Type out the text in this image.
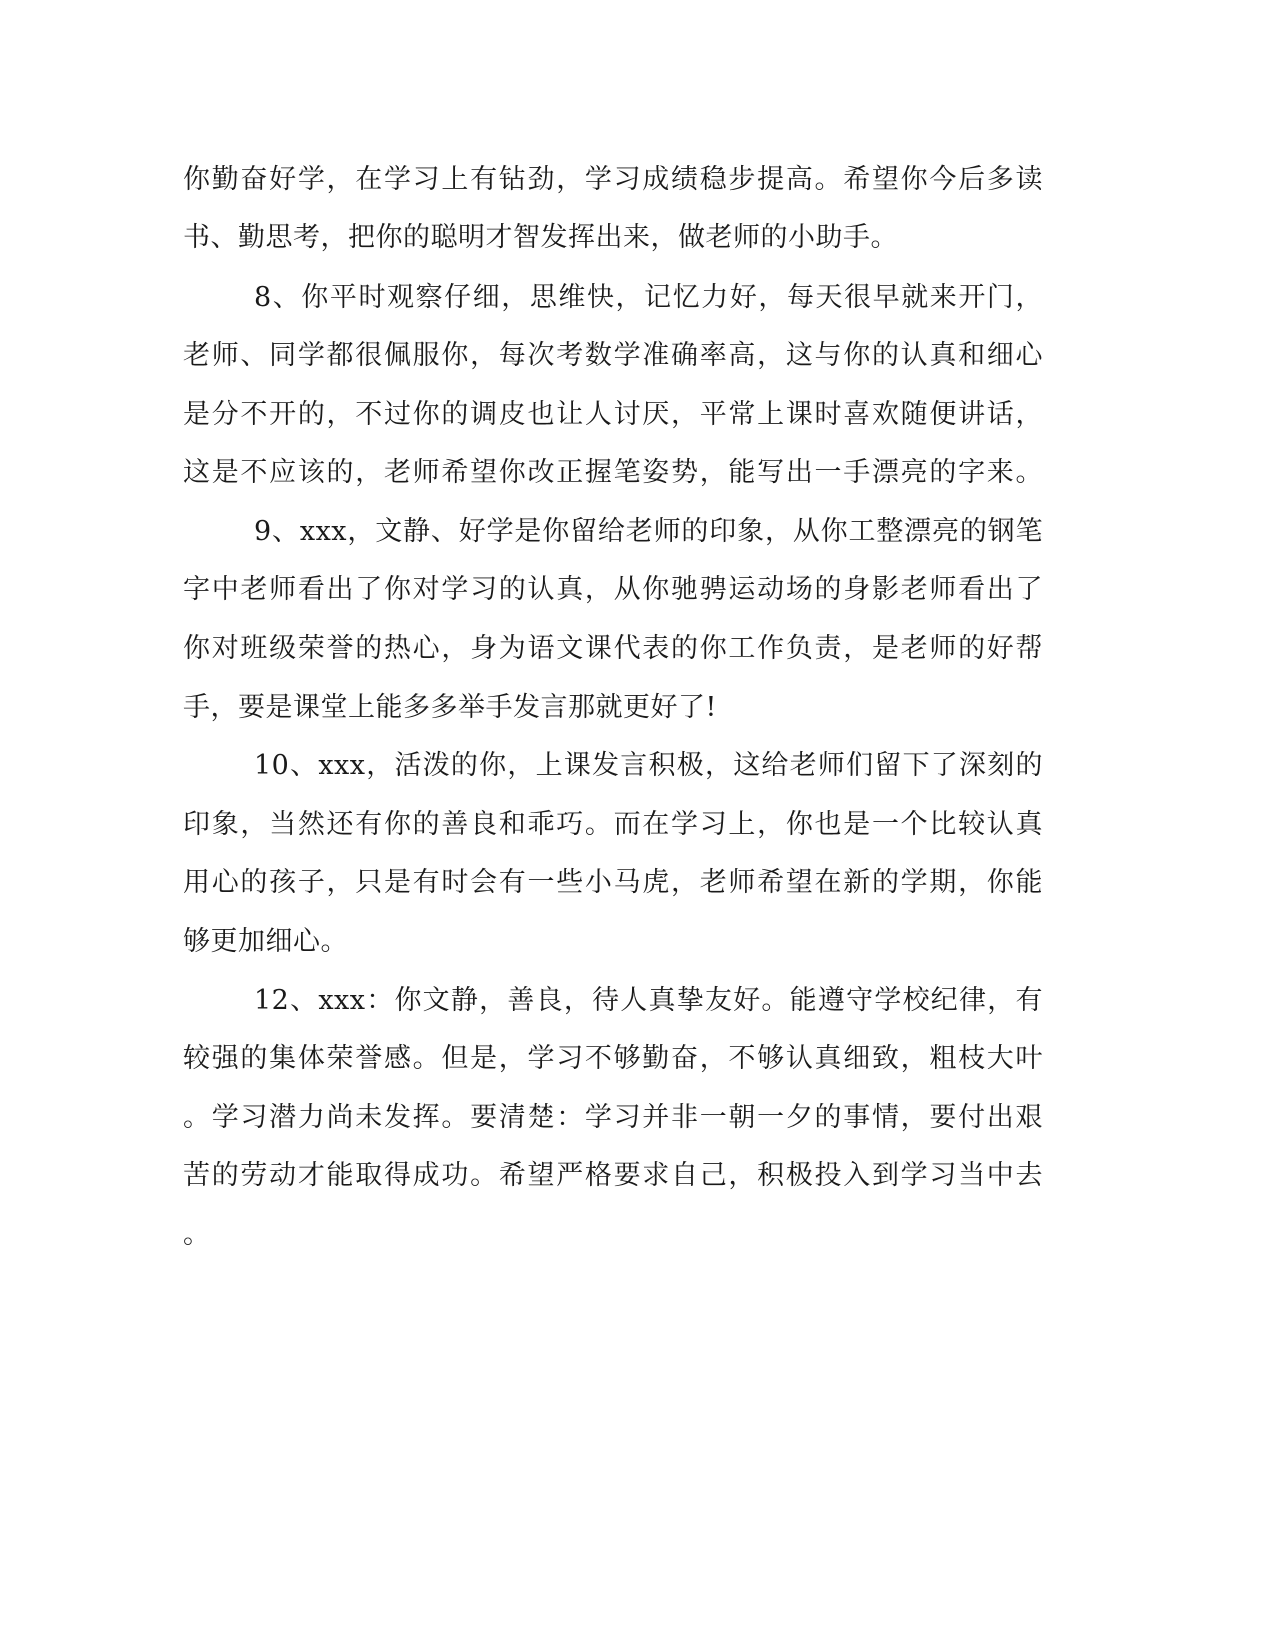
你勤奋好学，在学习上有钻劲，学习成绩稳步提高。希望你今后多读
书、勤思考，把你的聪明才智发挥出来，做老师的小助手。
8、你平时观察仔细，思维快，记忆力好，每天很早就来开门，
老师、同学都很佩服你，每次考数学准确率高，这与你的认真和细心
是分不开的，不过你的调皮也让人讨厌，平常上课时喜欢随便讲话，
这是不应该的，老师希望你改正握笔姿势，能写出一手漂亮的字来。
9、xxx，文静、好学是你留给老师的印象，从你工整漂亮的钢笔
字中老师看出了你对学习的认真，从你驰骋运动场的身影老师看出了
你对班级荣誉的热心，身为语文课代表的你工作负责，是老师的好帮
手，要是课堂上能多多举手发言那就更好了!
10、xxx，活泼的你，上课发言积极，这给老师们留下了深刻的
印象，当然还有你的善良和乖巧。而在学习上，你也是一个比较认真
用心的孩子，只是有时会有一些小马虎，老师希望在新的学期，你能
够更加细心。
12、xxx：你文静，善良，待人真挚友好。能遵守学校纪律，有
较强的集体荣誉感。但是，学习不够勤奋，不够认真细致，粗枝大叶
。学习潜力尚未发挥。要清楚：学习并非一朝一夕的事情，要付出艰
苦的劳动才能取得成功。希望严格要求自己，积极投入到学习当中去
。
